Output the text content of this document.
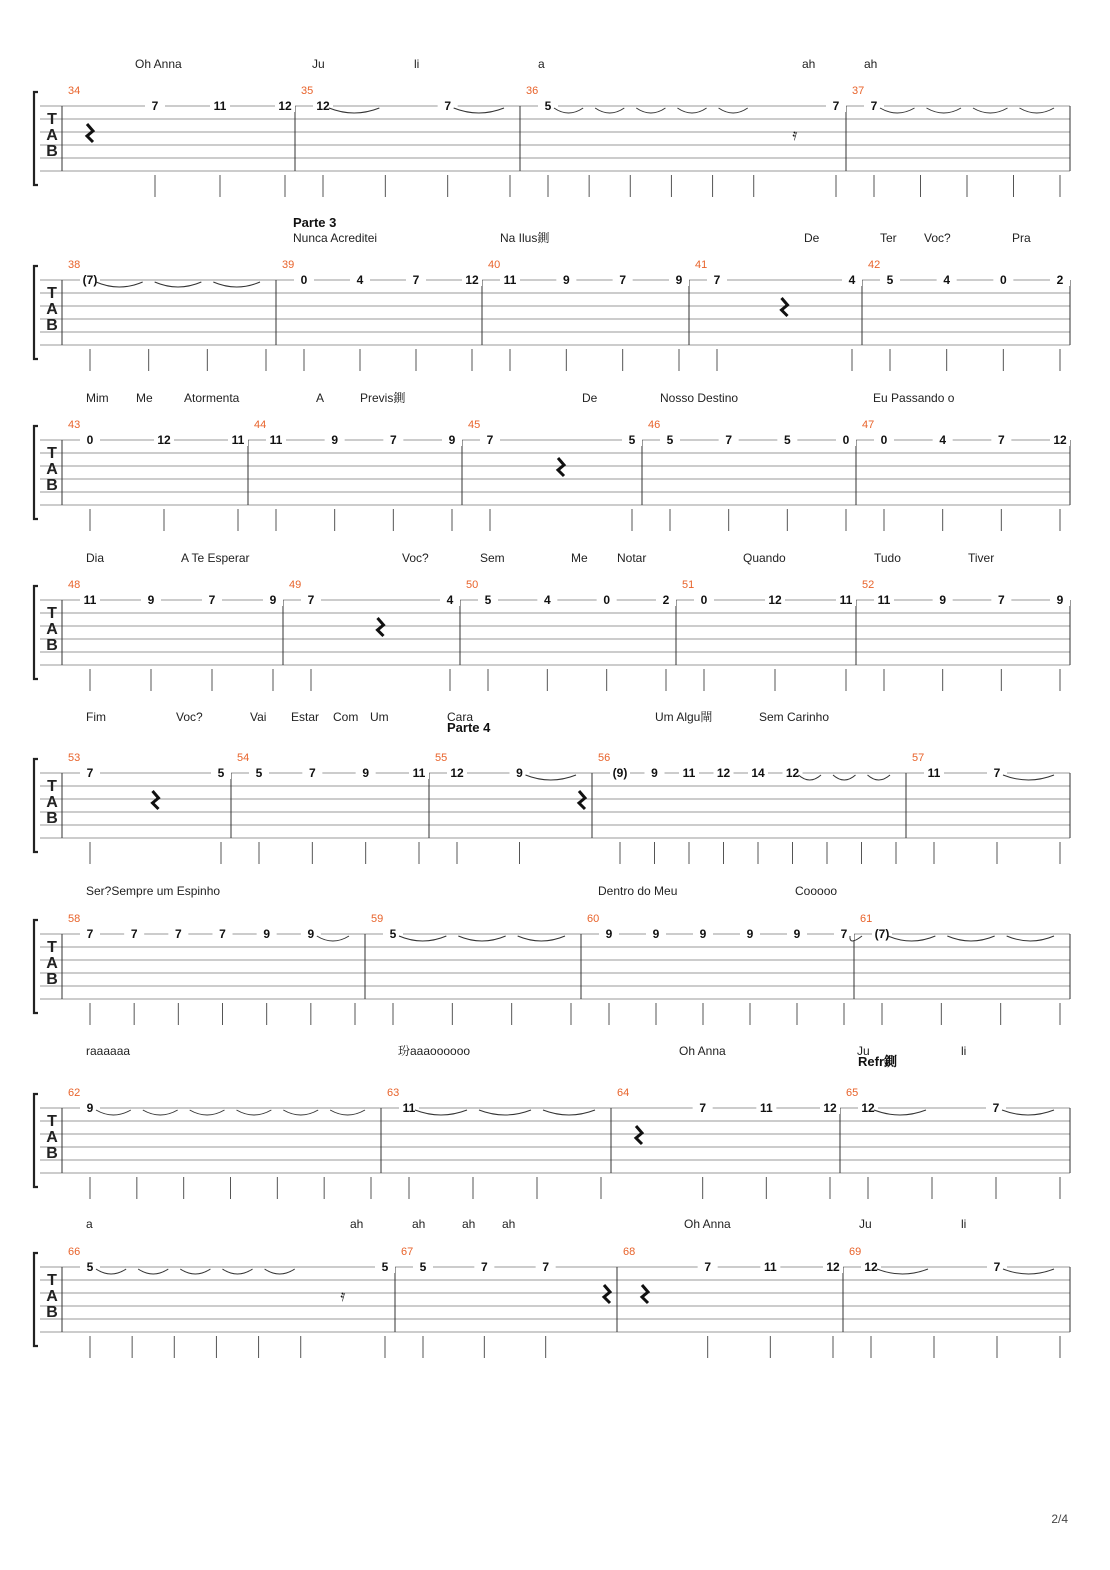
T
A
B
Oh Anna	Ju	li	a	ah	ah
34
7	11	12
35
12	7
36
5
𝄿
7
37
7
T
A
B
Parte 3
Nunca Acreditei	Na Ilus鍘	De	Ter Voc?	Pra
38
(7)
39
0	4	7	12
40
11	9	7	9
41
7	4
42
5	4	0	2
T
A
B
Mim Me	Atormenta	A	Previs鍘	De	Nosso Destino	Eu Passando o
43
0	12	11
44
11	9	7	9
45
7	5
46
5	7	5	0
47
0	4	7	12
T
A
B
Dia	A Te Esperar	Voc?	Sem	Me Notar	Quando	Tudo	Tiver
48
11	9	7	9
49
7	4
50
5	4	0	2
51
0	12	11
52
11	9	7	9
T
A
B
Parte 4
Fim	Voc?	Vai Estar Com Um	Cara	Um Algu閘	Sem Carinho
53
7	5
54
5	7	9	11
55
12	9
56
(9) 9 11 12 14 12
57
11	7
T
A
B
Ser?Sempre um Espinho	Dentro do Meu	Cooooo
58
7	7	7	7	9	9
59
5
60
9	9	9	9	9	7
61
(7)
T
A
B
Refr鍘
raaaaaa	玢aaaoooooo	Oh Anna	Ju	li
62
9
63
11
64
7	11	12
65
12	7
T
A
B
a	ah	ah	ah ah	Oh Anna	Ju	li
66
5
𝄿
5
67
5	7	7
68
7	11	12
69
12	7
2/4
